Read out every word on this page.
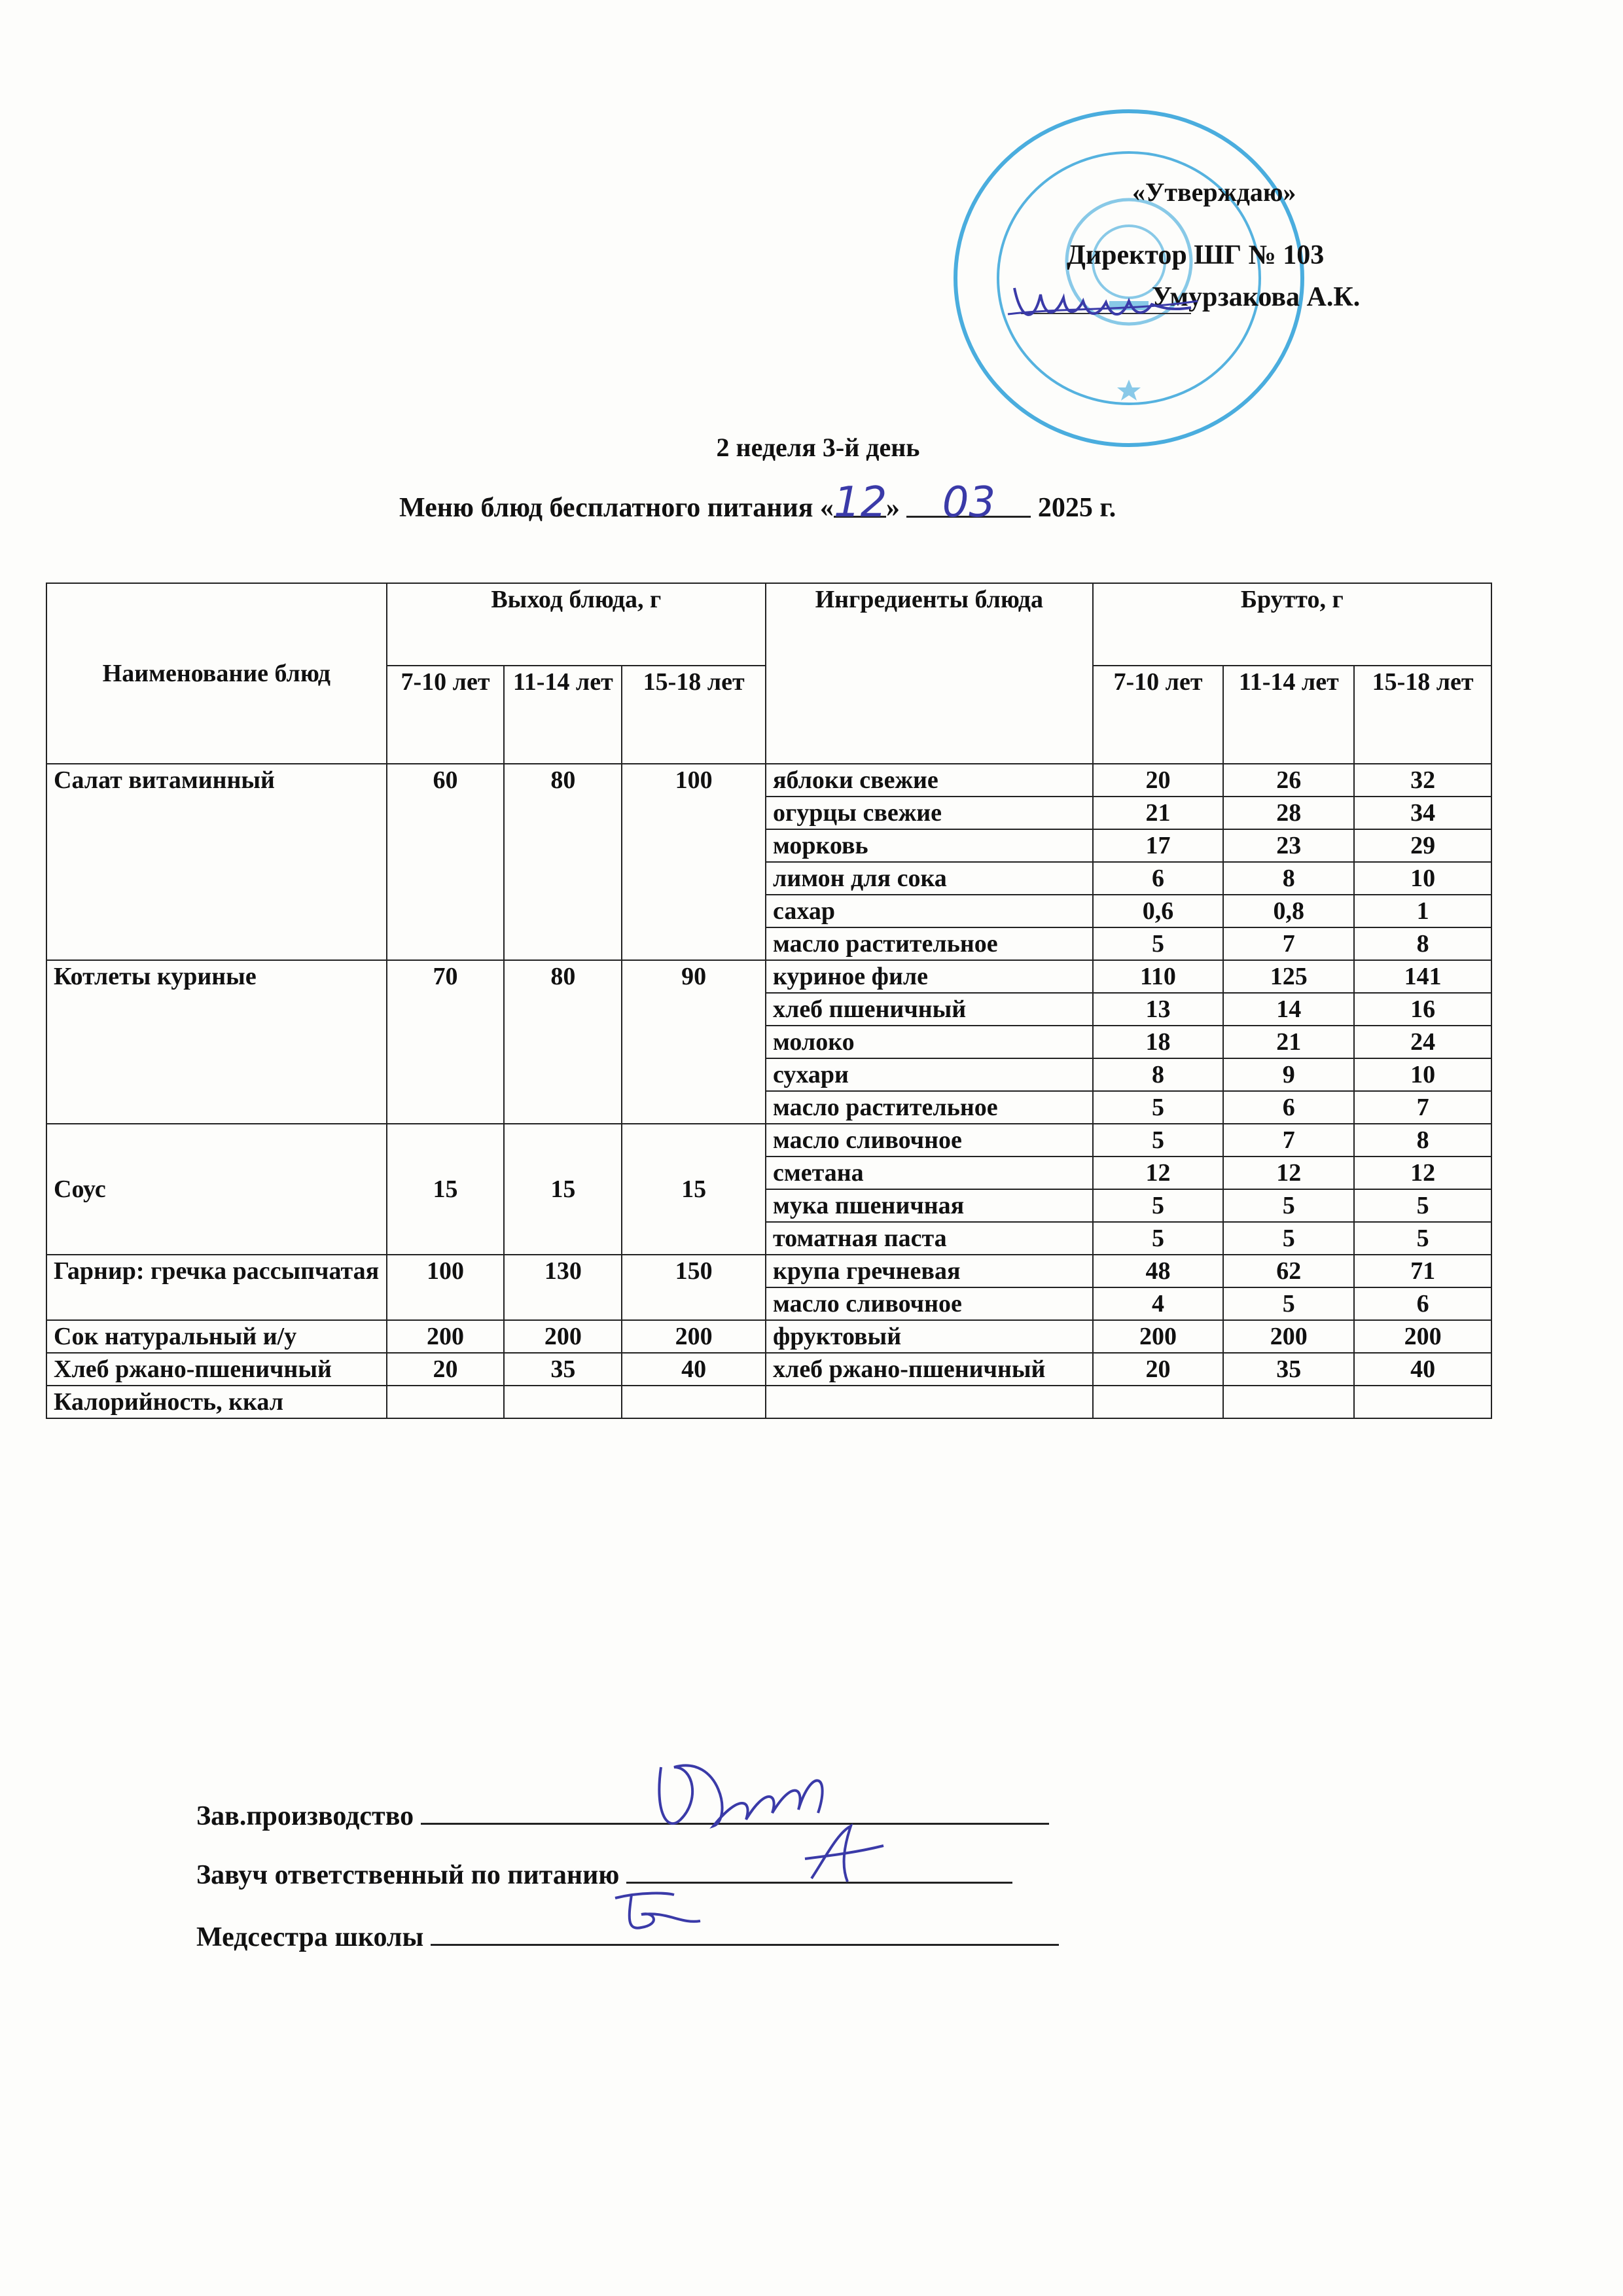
«Утверждаю»
Директор ШГ № 103
Умурзакова А.К.
2 неделя 3-й день
Меню блюд бесплатного питания «12» 03 2025 г.
Наименование блюд	Выход блюда, г			Ингредиенты блюда	Брутто, г		
	7-10 лет	11-14 лет	15-18 лет		7-10 лет	11-14 лет	15-18 лет
Салат витаминный	60	80	100	яблоки свежие	20	26	32
				огурцы свежие	21	28	34
				морковь	17	23	29
				лимон для сока	6	8	10
				сахар	0,6	0,8	1
				масло растительное	5	7	8
Котлеты куриные	70	80	90	куриное филе	110	125	141
				хлеб пшеничный	13	14	16
				молоко	18	21	24
				сухари	8	9	10
				масло растительное	5	6	7
Соус	15	15	15	масло сливочное	5	7	8
				сметана	12	12	12
				мука пшеничная	5	5	5
				томатная паста	5	5	5
Гарнир: гречка рассыпчатая	100	130	150	крупа гречневая	48	62	71
				масло сливочное	4	5	6
Сок натуральный и/у	200	200	200	фруктовый	200	200	200
Хлеб ржано-пшеничный	20	35	40	хлеб ржано-пшеничный	20	35	40
Калорийность, ккал							
Зав.производство
Завуч ответственный по питанию
Медсестра школы
